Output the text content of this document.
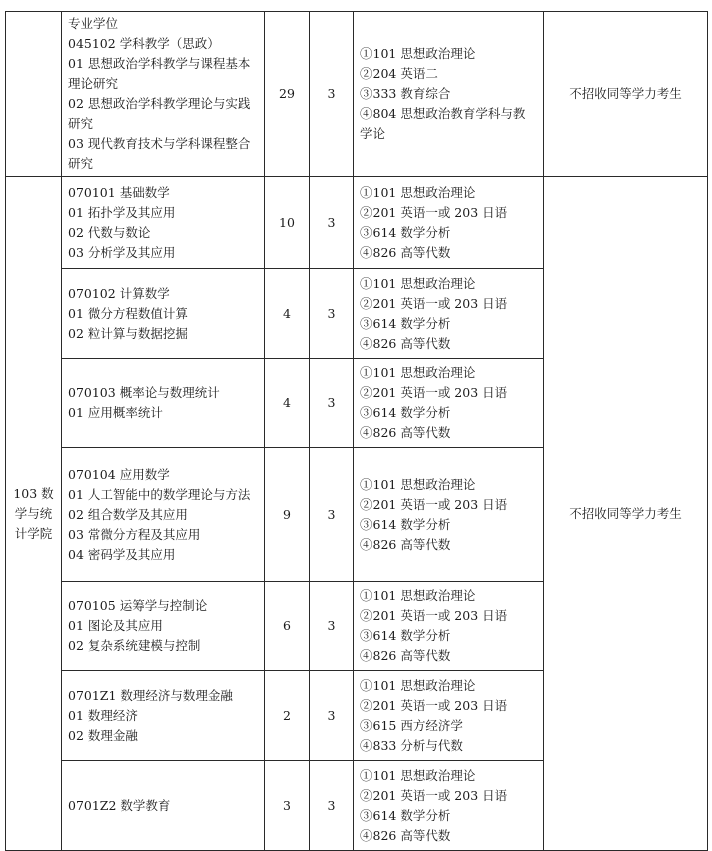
	专业学位
045102 学科教学（思政）
01 思想政治学科教学与课程基本理论研究
02 思想政治学科教学理论与实践研究
03 现代教育技术与学科课程整合研究	29	3	①101 思想政治理论
②204 英语二
③333 教育综合
④804 思想政治教育学科与教学论	不招收同等学力考生

103 数学与统计学院	070101 基础数学
01 拓扑学及其应用
02 代数与数论
03 分析学及其应用	10	3	①101 思想政治理论
②201 英语一或 203 日语
③614 数学分析
④826 高等代数	不招收同等学力考生

	070102 计算数学
01 微分方程数值计算
02 粒计算与数据挖掘	4	3	①101 思想政治理论
②201 英语一或 203 日语
③614 数学分析
④826 高等代数	

	070103 概率论与数理统计
01 应用概率统计	4	3	①101 思想政治理论
②201 英语一或 203 日语
③614 数学分析
④826 高等代数	

	070104 应用数学
01 人工智能中的数学理论与方法
02 组合数学及其应用
03 常微分方程及其应用
04 密码学及其应用	9	3	①101 思想政治理论
②201 英语一或 203 日语
③614 数学分析
④826 高等代数	

	070105 运筹学与控制论
01 图论及其应用
02 复杂系统建模与控制	6	3	①101 思想政治理论
②201 英语一或 203 日语
③614 数学分析
④826 高等代数	

	0701Z1 数理经济与数理金融
01 数理经济
02 数理金融	2	3	①101 思想政治理论
②201 英语一或 203 日语
③615 西方经济学
④833 分析与代数	

	0701Z2 数学教育	3	3	①101 思想政治理论
②201 英语一或 203 日语
③614 数学分析
④826 高等代数	
